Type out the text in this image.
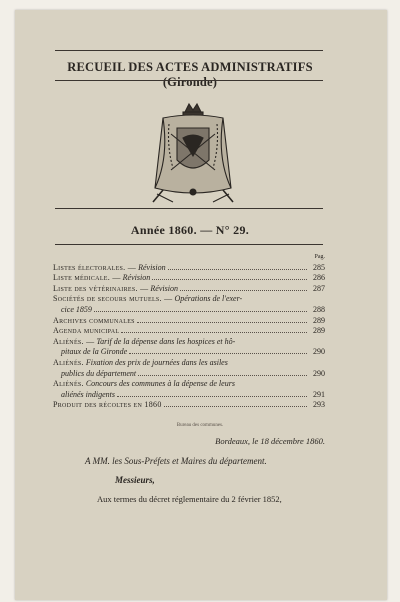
RECUEIL DES ACTES ADMINISTRATIFS (Gironde)
Année 1860. — N° 29.
Pag.
Listes électorales. — Révision	285
Liste médicale. — Révision	286
Liste des vétérinaires. — Révision	287
Sociétés de secours mutuels. — Opérations de l'exer-
cice 1859	288
Archives communales	289
Agenda municipal	289
Aliénés. — Tarif de la dépense dans les hospices et hô-
pitaux de la Gironde	290
Aliénés. Fixation des prix de journées dans les asiles
publics du département	290
Aliénés. Concours des communes à la dépense de leurs
aliénés indigents	291
Produit des récoltes en 1860	293
Bureau des communes.
Bordeaux, le 18 décembre 1860.
A MM. les Sous-Préfets et Maires du département.
Messieurs,
Aux termes du décret réglementaire du 2 février 1852,
